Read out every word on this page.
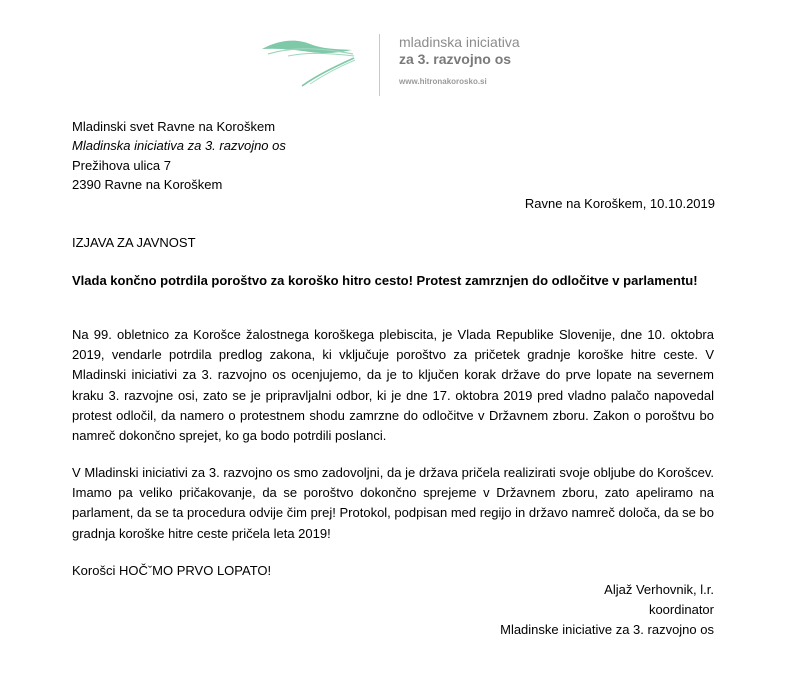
mladinska iniciativa
za 3. razvojno os
www.hitronakorosko.si
Mladinski svet Ravne na Koroškem
Mladinska iniciativa za 3. razvojno os
Prežihova ulica 7
2390 Ravne na Koroškem
Ravne na Koroškem, 10.10.2019
IZJAVA ZA JAVNOST
Vlada končno potrdila poroštvo za koroško hitro cesto! Protest zamrznjen do odločitve v parlamentu!

Na 99. obletnico za Korošce žalostnega koroškega plebiscita, je Vlada Republike Slovenije, dne 10. oktobra 2019, vendarle potrdila predlog zakona, ki vključuje poroštvo za pričetek gradnje koroške hitre ceste. V Mladinski iniciativi za 3. razvojno os ocenjujemo, da je to ključen korak države do prve lopate na severnem kraku 3. razvojne osi, zato se je pripravljalni odbor, ki je dne 17. oktobra 2019 pred vladno palačo napovedal protest odločil, da namero o protestnem shodu zamrzne do odločitve v Državnem zboru. Zakon o poroštvu bo namreč dokončno sprejet, ko ga bodo potrdili poslanci.

V Mladinski iniciativi za 3. razvojno os smo zadovoljni, da je država pričela realizirati svoje obljube do Korošcev. Imamo pa veliko pričakovanje, da se poroštvo dokončno sprejeme v Državnem zboru, zato apeliramo na parlament, da se ta procedura odvije čim prej! Protokol, podpisan med regijo in državo namreč določa, da se bo gradnja koroške hitre ceste pričela leta 2019!

Korošci HOČˇMO PRVO LOPATO!
Aljaž Verhovnik, l.r.
koordinator
Mladinske iniciative za 3. razvojno os
